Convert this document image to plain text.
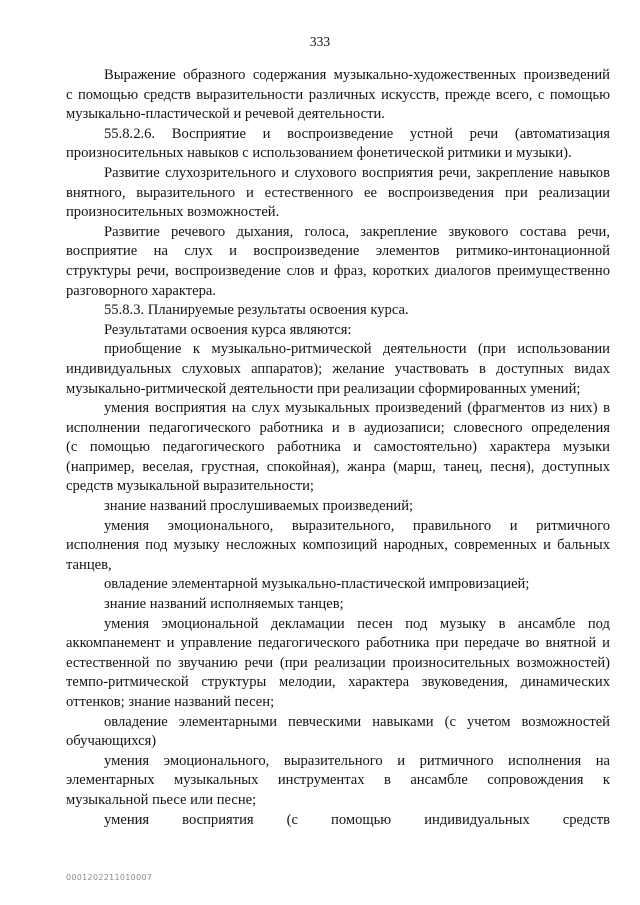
333
Выражение образного содержания музыкально-художественных произведений
с помощью средств выразительности различных искусств, прежде всего, с помощью
музыкально-пластической и речевой деятельности.
55.8.2.6. Восприятие и воспроизведение устной речи (автоматизация
произносительных навыков с использованием фонетической ритмики и музыки).
Развитие слухозрительного и слухового восприятия речи, закрепление навыков
внятного, выразительного и естественного ее воспроизведения при реализации
произносительных возможностей.
Развитие речевого дыхания, голоса, закрепление звукового состава речи,
восприятие на слух и воспроизведение элементов ритмико-интонационной
структуры речи, воспроизведение слов и фраз, коротких диалогов преимущественно
разговорного характера.
55.8.3. Планируемые результаты освоения курса.
Результатами освоения курса являются:
приобщение к музыкально-ритмической деятельности (при использовании
индивидуальных слуховых аппаратов); желание участвовать в доступных видах
музыкально-ритмической деятельности при реализации сформированных умений;
умения восприятия на слух музыкальных произведений (фрагментов из них) в
исполнении педагогического работника и в аудиозаписи; словесного определения
(с помощью педагогического работника и самостоятельно) характера музыки
(например, веселая, грустная, спокойная), жанра (марш, танец, песня), доступных
средств музыкальной выразительности;
знание названий прослушиваемых произведений;
умения эмоционального, выразительного, правильного и ритмичного
исполнения под музыку несложных композиций народных, современных и бальных
танцев,
овладение элементарной музыкально-пластической импровизацией;
знание названий исполняемых танцев;
умения эмоциональной декламации песен под музыку в ансамбле под
аккомпанемент и управление педагогического работника при передаче во внятной и
естественной по звучанию речи (при реализации произносительных возможностей)
темпо-ритмической структуры мелодии, характера звуковедения, динамических
оттенков; знание названий песен;
овладение элементарными певческими навыками (с учетом возможностей
обучающихся)
умения эмоционального, выразительного и ритмичного исполнения на
элементарных музыкальных инструментах в ансамбле сопровождения к
музыкальной пьесе или песне;
умения восприятия (с помощью индивидуальных средств
0001202211010007
